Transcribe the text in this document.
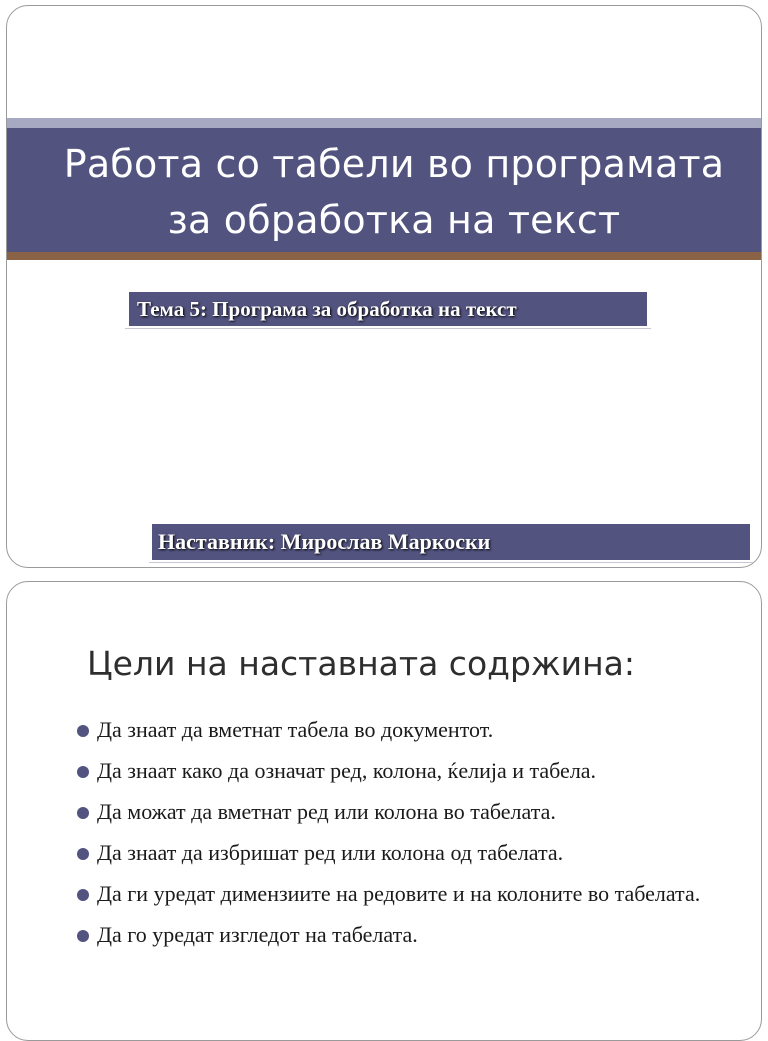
Работа со табели во програмата
за обработка на текст
Тема 5: Програма за обработка на текст
Наставник: Мирослав Маркоски
Цели на наставната содржина:
Да знаат да вметнат табела во документот.
Да знаат како да означат ред, колона, ќелија и табела.
Да можат да вметнат ред или колона во табелата.
Да знаат да избришат ред или колона од табелата.
Да ги уредат димензиите на редовите и на колоните во табелата.
Да го уредат изгледот на табелата.
